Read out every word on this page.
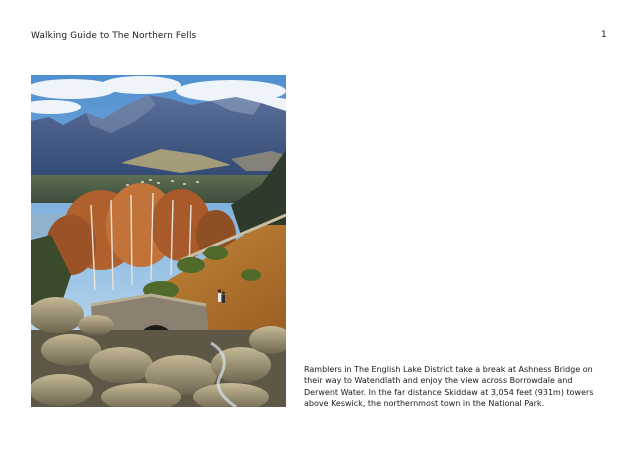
Walking Guide to The Northern Fells	1

Ramblers in The English Lake District take a break at Ashness Bridge on their way to Watendlath and enjoy the view across Borrowdale and Derwent Water. In the far distance Skiddaw at 3,054 feet (931m) towers above Keswick, the northernmost town in the National Park.
